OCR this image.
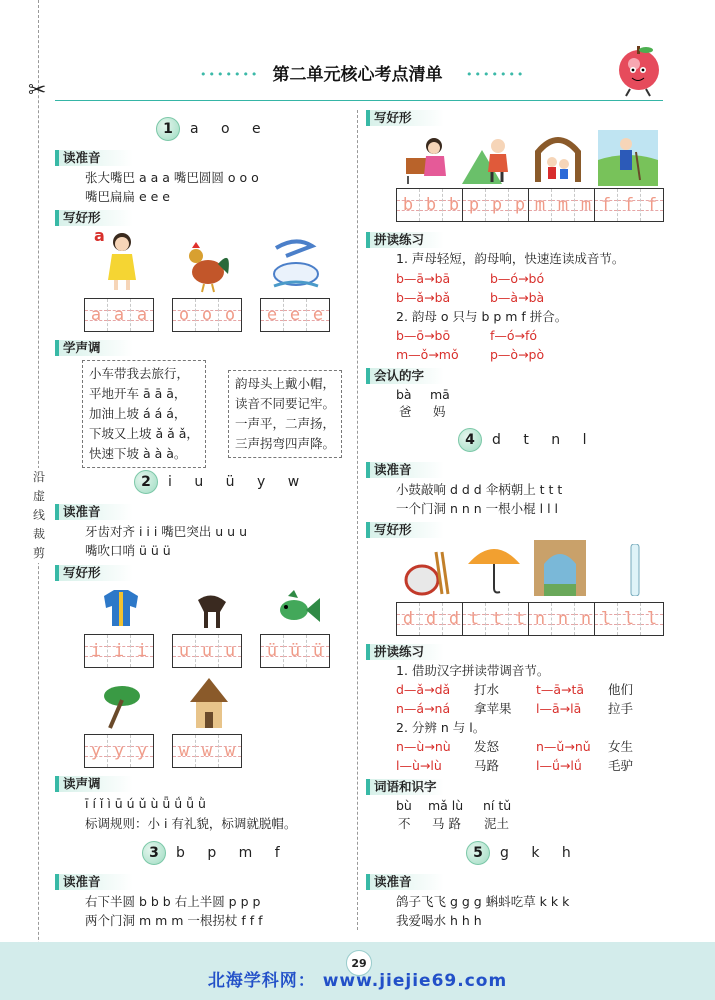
✂
沿
虚
线
裁
剪
••••••• 第二单元核心考点清单	•••••••
1	a o e
读准音
张大嘴巴 a a a 嘴巴圆圆 o o o
嘴巴扁扁 e e e
写好形
a
a a a	o o o	e e e
学声调
小车带我去旅行，
平地开车 ā ā ā，
加油上坡 á á á，
下坡又上坡 ǎ ǎ ǎ，
快速下坡 à à à。
韵母头上戴小帽，
读音不同要记牢。
一声平，二声扬，
三声拐弯四声降。
2	i u ü y w
读准音
牙齿对齐 i i i 嘴巴突出 u u u
嘴吹口哨 ü ü ü
写好形
i i i	u u u	ü ü ü
y y y	w w w
读声调
ī í ǐ ì ū ú ǔ ù ǖ ǘ ǚ ǜ
标调规则：小 i 有礼貌，标调就脱帽。
3	b p m f
读准音
右下半圆 b b b 右上半圆 p p p
两个门洞 m m m 一根拐杖 f f f
写好形
b b b p p p m m m f f f
拼读练习
1. 声母轻短，韵母响，快速连读成音节。
b—ā→bā	b—ó→bó
b—ǎ→bǎ	b—à→bà
2. 韵母 o 只与 b p m f 拼合。
b—ō→bō	f—ó→fó
m—ǒ→mǒ	p—ò→pò
会认的字
bà mā
爸 妈
4	d t n l
读准音
小鼓敲响 d d d 伞柄朝上 t t t
一个门洞 n n n 一根小棍 l l l
写好形
d d d t t t n n n l l l
拼读练习
1. 借助汉字拼读带调音节。
d—ǎ→dǎ 打水	t—ā→tā 他们
n—á→ná 拿苹果 l—ā→lā 拉手
2. 分辨 n 与 l。
n—ù→nù 发怒	n—ǔ→nǔ 女生
l—ù→lù	马路	l—ǘ→lǘ 毛驴
词语和识字
bù mǎ lù ní tǔ
不 马 路 泥土
5	g k h
读准音
鸽子飞飞 g g g 蝌蚪吃草 k k k
我爱喝水 h h h
29
北海学科网： www.jiejie69.com
